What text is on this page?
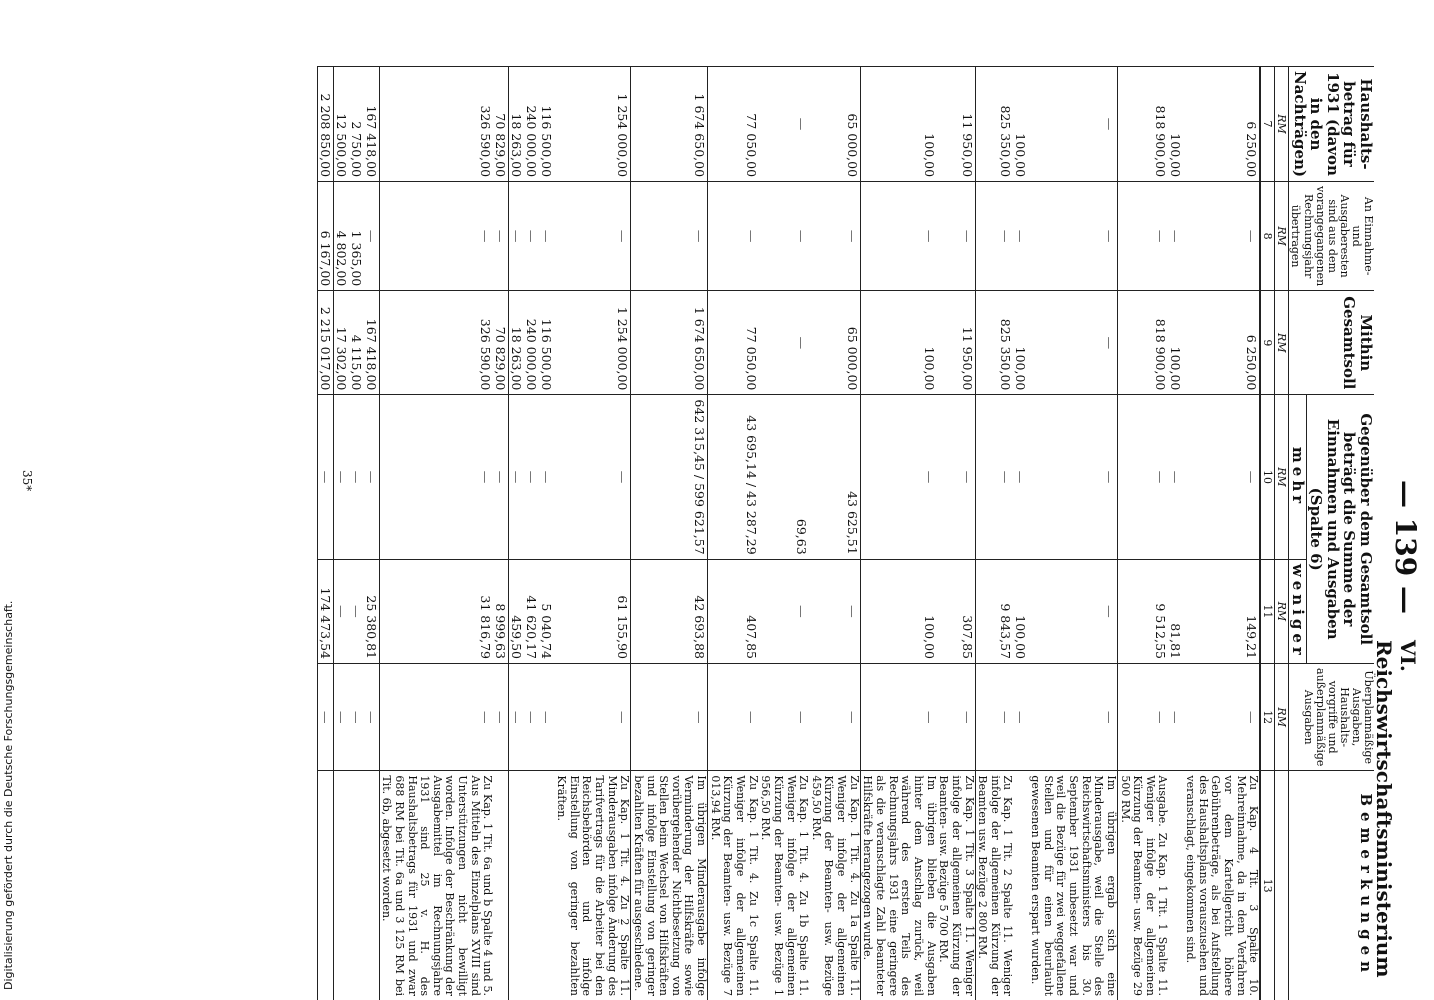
— 139 —
VI. Reichswirtschaftsministerium
Haushalts-betrag für 1931 (davon in den Nachträgen)	An Einnahme- und Ausgaberesten sind aus dem vorangegangenen Rechnungsjahr übertragen	Mithin Gesamtsoll	Gegenüber dem Gesamtsoll beträgt die Summe der Einnahmen und Ausgaben (Spalte 6)		Überplanmäßige Ausgaben, Haushalts-vorgriffe und außerplanmäßige Ausgaben	Bemerkungen
			mehr	weniger		
RM	RM	RM	RM	RM	RM	
7	8	9	10	11	12	13
6 250,00	—	6 250,00	—	149,21	—	Zu Kap. 4 Tit. 3 Spalte 10. Mehreinnahme, da in dem Verfahren vor dem Kartellgericht höhere Gebührenbeträge, als bei Aufstellung des Haushaltsplans vorauszusehen und veranschlagt, eingekommen sind.
100,00	—	100,00	—	81,81	—	
818 900,00	—	818 900,00	—	9 512,55	—	Ausgabe. Zu Kap. 1 Tit. 1 Spalte 11. Weniger infolge der allgemeinen Kürzung der Beamten- usw. Bezüge 29 500 RM.
—	—	—	—	—	—	Im übrigen ergab sich eine Minderausgabe, weil die Stelle des Reichswirtschaftsministers bis 30. September 1931 unbesetzt war und weil die Bezüge für zwei weggefallene Stellen und für einen beurlaubt gewesenen Beamten erspart wurden.
100,00	—	100,00	—	100,00	—	
825 350,00	—	825 350,00	—	9 843,57	—	Zu Kap. 1 Tit. 2 Spalte 11. Weniger infolge der allgemeinen Kürzung der Beamten usw. Bezüge 2 800 RM.
11 950,00	—	11 950,00	—	307,85	—	Zu Kap. 1 Tit. 3 Spalte 11. Weniger infolge der allgemeinen Kürzung der Beamten- usw. Bezüge 5 700 RM.
100,00	—	100,00	—	100,00	—	Im übrigen blieben die Ausgaben hinter dem Anschlag zurück, weil während des ersten Teils des Rechnungsjahrs 1931 eine geringere als die veranschlagte Zahl beamteter Hilfskräfte herangezogen wurde.
65 000,00	—	65 000,00	43 625,51	—	—	Zu Kap. 1 Tit. 4. Zu 1a Spalte 11. Weniger infolge der allgemeinen Kürzung der Beamten- usw. Bezüge 459,50 RM.
—	—	—	69,63	—	—	Zu Kap. 1 Tit. 4. Zu 1b Spalte 11. Weniger infolge der allgemeinen Kürzung der Beamten- usw. Bezüge 1 956,50 RM.
77 050,00	—	77 050,00	43 695,14 / 43 287,29	407,85	—	Zu Kap. 1 Tit. 4. Zu 1c Spalte 11. Weniger infolge der allgemeinen Kürzung der Beamten- usw. Bezüge 7 013,94 RM.
1 674 650,00	—	1 674 650,00	642 315,45 / 599 621,57	42 693,88	—	Im übrigen Minderausgabe infolge Verminderung der Hilfskräfte sowie vorübergehender Nichtbesetzung von Stellen beim Wechsel von Hilfskräften und infolge Einstellung von geringer bezahlten Kräften für ausgeschiedene.
1 254 000,00	—	1 254 000,00	—	61 155,90	—	Zu Kap. 1 Tit. 4. Zu 2 Spalte 11. Minderausgaben infolge Änderung des Tarifvertrags für die Arbeiter bei den Reichsbehörden und infolge Einstellung von geringer bezahlten Kräften.
116 500,00	—	116 500,00	—	5 040,74	—	
240 000,00	—	240 000,00	—	41 620,17	—	
18 263,00	—	18 263,00	—	459,50	—	
70 829,00	—	70 829,00	—	8 999,63	—	
326 590,00	—	326 590,00	—	31 816,79	—	Zu Kap. 1 Tit. 6a und b Spalte 4 und 5. Aus Mitteln des Einzelplans XVIII sind Unterstützungen nicht bewilligt worden. Infolge der Beschränkung der Ausgabemittel im Rechnungsjahre 1931 sind 25 v. H. des Haushaltsbetrags für 1931 und zwar 688 RM bei Tit. 6a und 3 125 RM bei Tit. 6b, abgesetzt worden.
167 418,00	—	167 418,00	—	25 380,81	—	
2 750,00	1 365,00	4 115,00	—	—	—	
12 500,00	4 802,00	17 302,00	—	—	—	
2 208 850,00	6 167,00	2 215 017,00	—	174 473,54	—	
35*
Digitalisierung gefördert durch die Deutsche Forschungsgemeinschaft.
